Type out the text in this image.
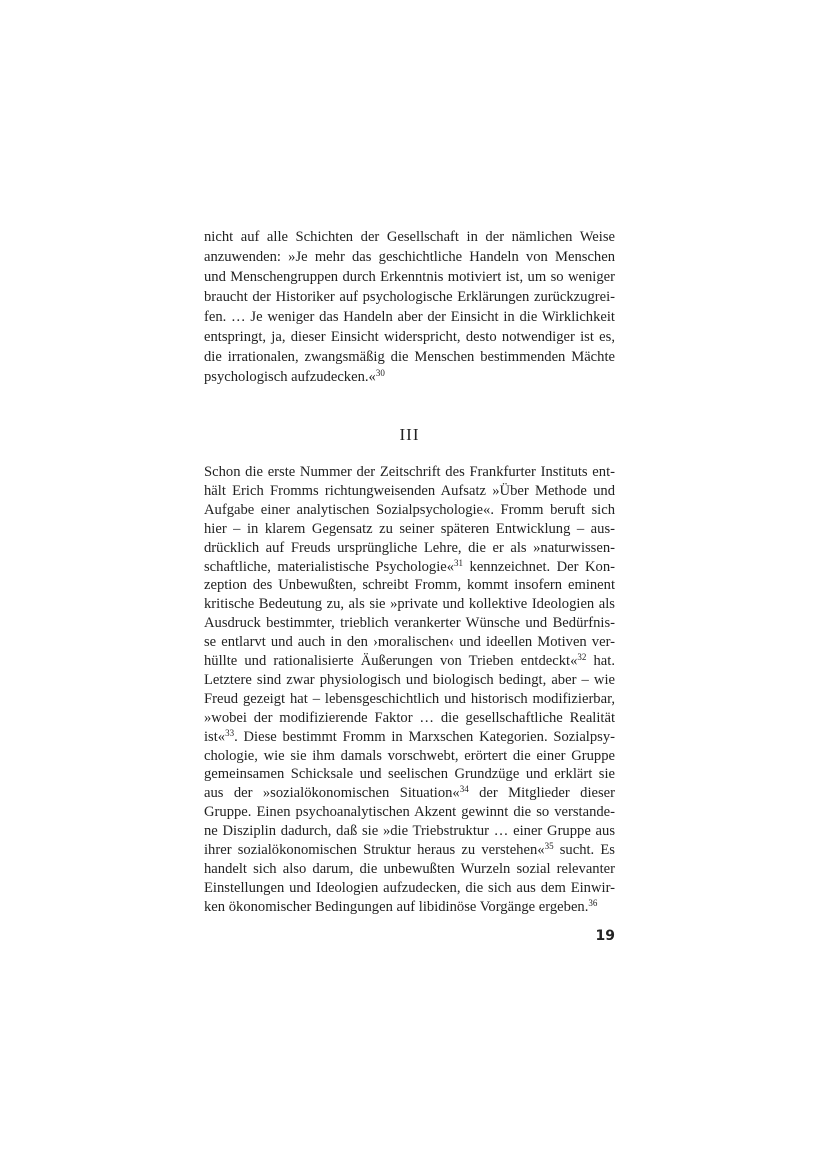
nicht auf alle Schichten der Gesellschaft in der nämlichen Weise
anzuwenden: »Je mehr das geschichtliche Handeln von Menschen
und Menschengruppen durch Erkenntnis motiviert ist, um so weniger
braucht der Historiker auf psychologische Erklärungen zurückzugrei-
fen. … Je weniger das Handeln aber der Einsicht in die Wirklichkeit
entspringt, ja, dieser Einsicht widerspricht, desto notwendiger ist es,
die irrationalen, zwangsmäßig die Menschen bestimmenden Mächte
psychologisch aufzudecken.«$^{30}$
III
Schon die erste Nummer der Zeitschrift des Frankfurter Instituts ent-
hält Erich Fromms richtungweisenden Aufsatz »Über Methode und
Aufgabe einer analytischen Sozialpsychologie«. Fromm beruft sich
hier – in klarem Gegensatz zu seiner späteren Entwicklung – aus-
drücklich auf Freuds ursprüngliche Lehre, die er als »naturwissen-
schaftliche, materialistische Psychologie«$^{31}$ kennzeichnet. Der Kon-
zeption des Unbewußten, schreibt Fromm, kommt insofern eminent
kritische Bedeutung zu, als sie »private und kollektive Ideologien als
Ausdruck bestimmter, trieblich verankerter Wünsche und Bedürfnis-
se entlarvt und auch in den ›moralischen‹ und ideellen Motiven ver-
hüllte und rationalisierte Äußerungen von Trieben entdeckt«$^{32}$ hat.
Letztere sind zwar physiologisch und biologisch bedingt, aber – wie
Freud gezeigt hat – lebensgeschichtlich und historisch modifizierbar,
»wobei der modifizierende Faktor … die gesellschaftliche Realität
ist«$^{33}$. Diese bestimmt Fromm in Marxschen Kategorien. Sozialpsy-
chologie, wie sie ihm damals vorschwebt, erörtert die einer Gruppe
gemeinsamen Schicksale und seelischen Grundzüge und erklärt sie
aus der »sozialökonomischen Situation«$^{34}$ der Mitglieder dieser
Gruppe. Einen psychoanalytischen Akzent gewinnt die so verstande-
ne Disziplin dadurch, daß sie »die Triebstruktur … einer Gruppe aus
ihrer sozialökonomischen Struktur heraus zu verstehen«$^{35}$ sucht. Es
handelt sich also darum, die unbewußten Wurzeln sozial relevanter
Einstellungen und Ideologien aufzudecken, die sich aus dem Einwir-
ken ökonomischer Bedingungen auf libidinöse Vorgänge ergeben.$^{36}$
19
